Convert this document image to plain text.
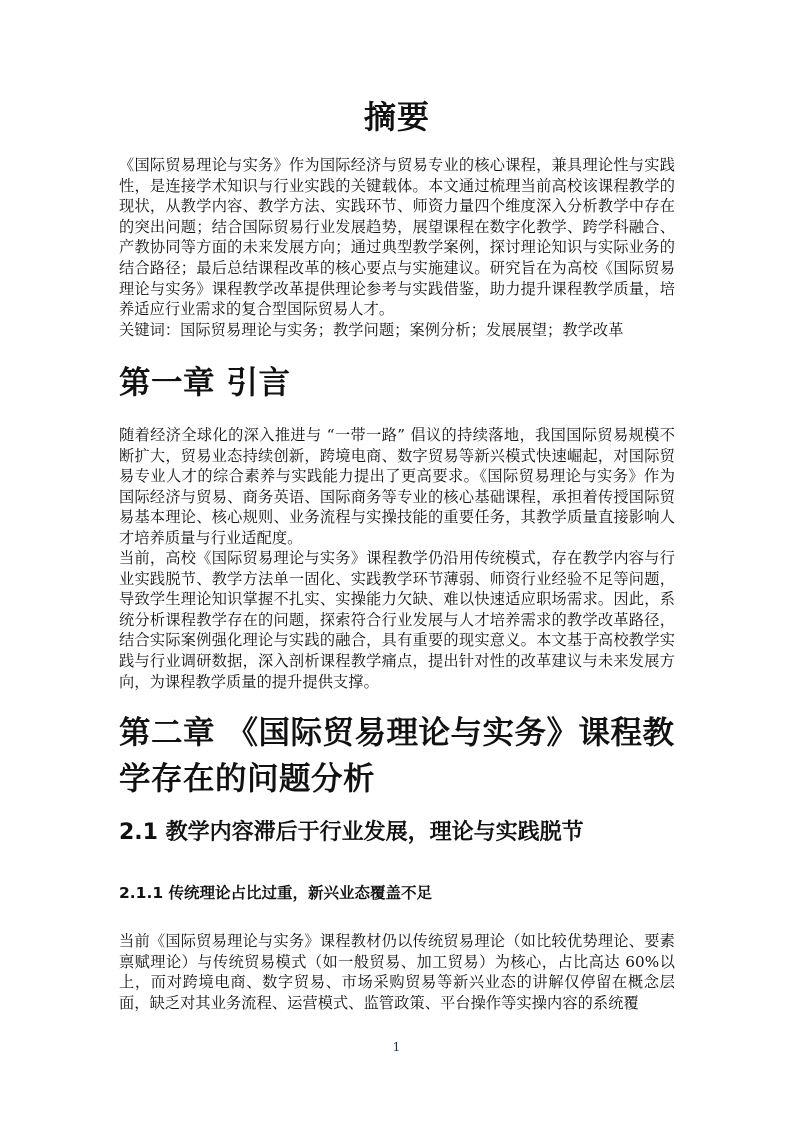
摘要

《国际贸易理论与实务》作为国际经济与贸易专业的核心课程，兼具理论性与实践性，是连接学术知识与行业实践的关键载体。本文通过梳理当前高校该课程教学的现状，从教学内容、教学方法、实践环节、师资力量四个维度深入分析教学中存在的突出问题；结合国际贸易行业发展趋势，展望课程在数字化教学、跨学科融合、产教协同等方面的未来发展方向；通过典型教学案例，探讨理论知识与实际业务的结合路径；最后总结课程改革的核心要点与实施建议。研究旨在为高校《国际贸易理论与实务》课程教学改革提供理论参考与实践借鉴，助力提升课程教学质量，培养适应行业需求的复合型国际贸易人才。

关键词：国际贸易理论与实务；教学问题；案例分析；发展展望；教学改革

第一章 引言

随着经济全球化的深入推进与 “一带一路” 倡议的持续落地，我国国际贸易规模不断扩大，贸易业态持续创新，跨境电商、数字贸易等新兴模式快速崛起，对国际贸易专业人才的综合素养与实践能力提出了更高要求。《国际贸易理论与实务》作为国际经济与贸易、商务英语、国际商务等专业的核心基础课程，承担着传授国际贸易基本理论、核心规则、业务流程与实操技能的重要任务，其教学质量直接影响人才培养质量与行业适配度。

当前，高校《国际贸易理论与实务》课程教学仍沿用传统模式，存在教学内容与行业实践脱节、教学方法单一固化、实践教学环节薄弱、师资行业经验不足等问题，导致学生理论知识掌握不扎实、实操能力欠缺、难以快速适应职场需求。因此，系统分析课程教学存在的问题，探索符合行业发展与人才培养需求的教学改革路径，结合实际案例强化理论与实践的融合，具有重要的现实意义。本文基于高校教学实践与行业调研数据，深入剖析课程教学痛点，提出针对性的改革建议与未来发展方向，为课程教学质量的提升提供支撑。

第二章 《国际贸易理论与实务》课程教学存在的问题分析
2.1 教学内容滞后于行业发展，理论与实践脱节
2.1.1 传统理论占比过重，新兴业态覆盖不足

当前《国际贸易理论与实务》课程教材仍以传统贸易理论（如比较优势理论、要素禀赋理论）与传统贸易模式（如一般贸易、加工贸易）为核心，占比高达 60%以上，而对跨境电商、数字贸易、市场采购贸易等新兴业态的讲解仅停留在概念层面，缺乏对其业务流程、运营模式、监管政策、平台操作等实操内容的系统覆

1
